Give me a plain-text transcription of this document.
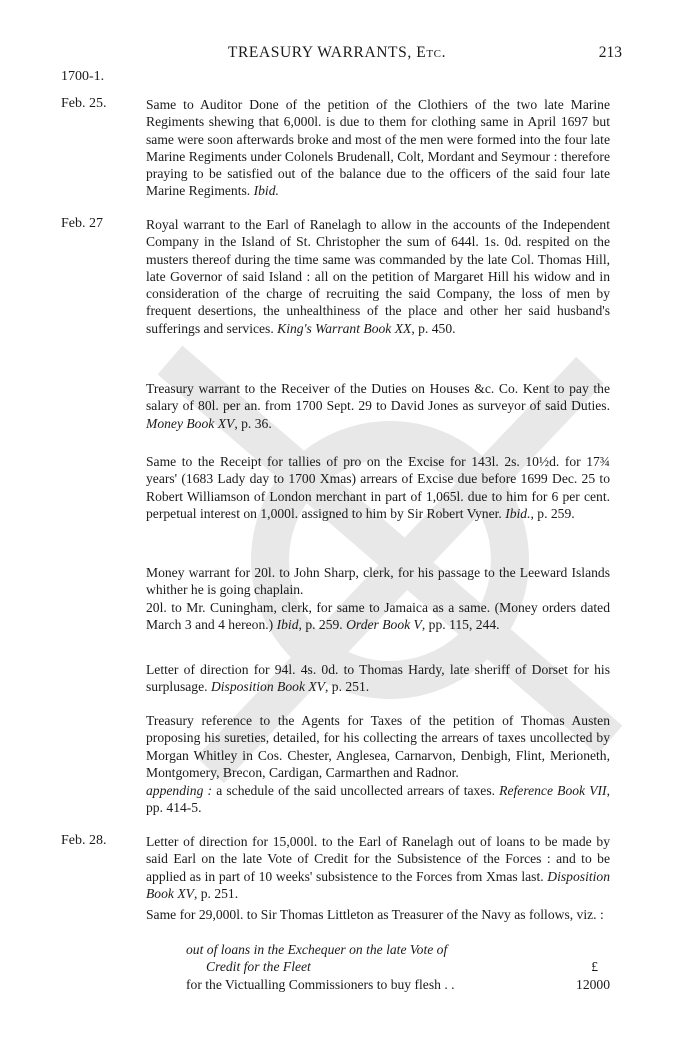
TREASURY WARRANTS, Etc.	213
1700-1.
Feb. 25.	Same to Auditor Done of the petition of the Clothiers of the two late Marine Regiments shewing that 6,000l. is due to them for clothing same in April 1697 but same were soon afterwards broke and most of the men were formed into the four late Marine Regiments under Colonels Brudenall, Colt, Mordant and Seymour : therefore praying to be satisfied out of the balance due to the officers of the said four late Marine Regiments. Ibid.

Feb. 27	Royal warrant to the Earl of Ranelagh to allow in the accounts of the Independent Company in the Island of St. Christopher the sum of 644l. 1s. 0d. respited on the musters thereof during the time same was commanded by the late Col. Thomas Hill, late Governor of said Island : all on the petition of Margaret Hill his widow and in consideration of the charge of recruiting the said Company, the loss of men by frequent desertions, the unhealthiness of the place and other her said husband's sufferings and services. King's Warrant Book XX, p. 450.

Treasury warrant to the Receiver of the Duties on Houses &c. Co. Kent to pay the salary of 80l. per an. from 1700 Sept. 29 to David Jones as surveyor of said Duties. Money Book XV, p. 36.

Same to the Receipt for tallies of pro on the Excise for 143l. 2s. 10½d. for 17¾ years' (1683 Lady day to 1700 Xmas) arrears of Excise due before 1699 Dec. 25 to Robert Williamson of London merchant in part of 1,065l. due to him for 6 per cent. perpetual interest on 1,000l. assigned to him by Sir Robert Vyner. Ibid., p. 259.

Money warrant for 20l. to John Sharp, clerk, for his passage to the Leeward Islands whither he is going chaplain.

20l. to Mr. Cuningham, clerk, for same to Jamaica as a same. (Money orders dated March 3 and 4 hereon.) Ibid, p. 259. Order Book V, pp. 115, 244.

Letter of direction for 94l. 4s. 0d. to Thomas Hardy, late sheriff of Dorset for his surplusage. Disposition Book XV, p. 251.

Treasury reference to the Agents for Taxes of the petition of Thomas Austen proposing his sureties, detailed, for his collecting the arrears of taxes uncollected by Morgan Whitley in Cos. Chester, Anglesea, Carnarvon, Denbigh, Flint, Merioneth, Montgomery, Brecon, Cardigan, Carmarthen and Radnor.

appending : a schedule of the said uncollected arrears of taxes. Reference Book VII, pp. 414-5.

Feb. 28.	Letter of direction for 15,000l. to the Earl of Ranelagh out of loans to be made by said Earl on the late Vote of Credit for the Subsistence of the Forces : and to be applied as in part of 10 weeks' subsistence to the Forces from Xmas last. Disposition Book XV, p. 251.

Same for 29,000l. to Sir Thomas Littleton as Treasurer of the Navy as follows, viz. :

out of loans in the Exchequer on the late Vote of
Credit for the Fleet	£
for the Victualling Commissioners to buy flesh . .	12000
